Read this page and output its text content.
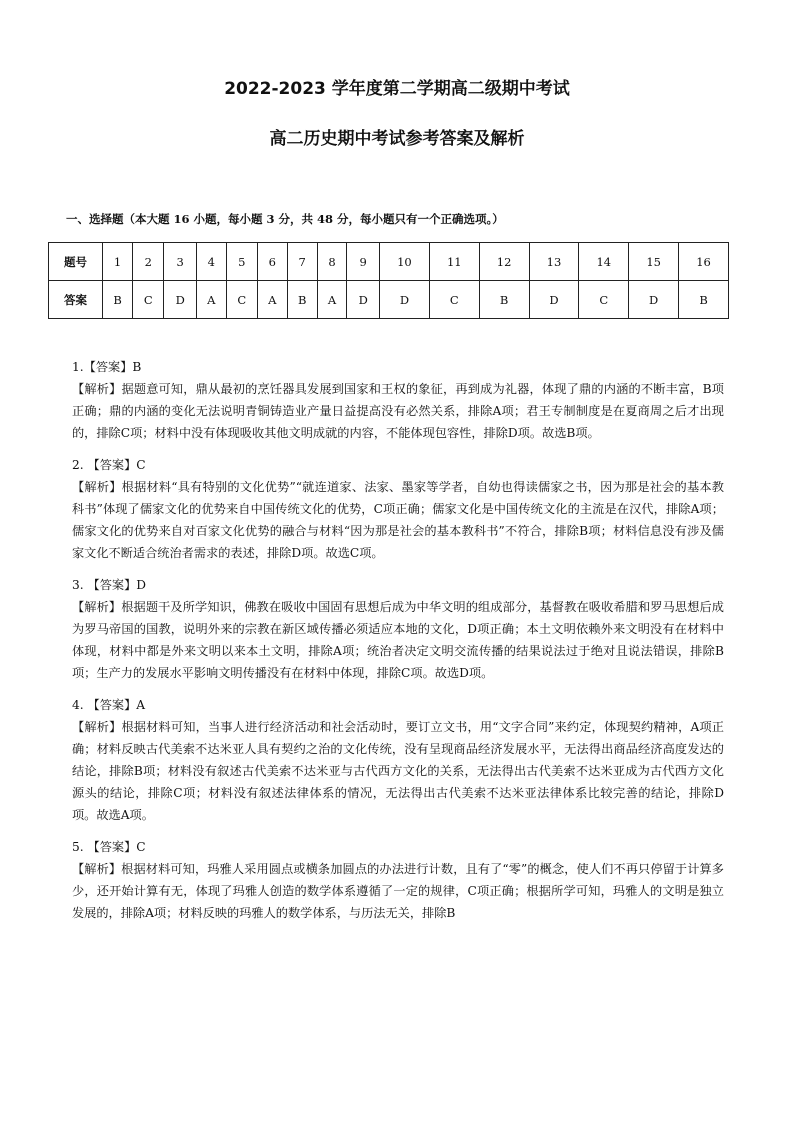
2022-2023 学年度第二学期高二级期中考试
高二历史期中考试参考答案及解析
一、选择题（本大题 16 小题，每小题 3 分，共 48 分，每小题只有一个正确选项。）
题号	1	2	3	4	5	6	7	8	9	10	11	12	13	14	15	16
答案	B	C	D	A	C	A	B	A	D	D	C	B	D	C	D	B
1.【答案】B
【解析】据题意可知，鼎从最初的烹饪器具发展到国家和王权的象征，再到成为礼器，体现了鼎的内涵的不断丰富，B项正确；鼎的内涵的变化无法说明青铜铸造业产量日益提高没有必然关系，排除A项；君王专制制度是在夏商周之后才出现的，排除C项；材料中没有体现吸收其他文明成就的内容，不能体现包容性，排除D项。故选B项。
2. 【答案】C
【解析】根据材料“具有特别的文化优势”“就连道家、法家、墨家等学者，自幼也得读儒家之书，因为那是社会的基本教科书”体现了儒家文化的优势来自中国传统文化的优势，C项正确；儒家文化是中国传统文化的主流是在汉代，排除A项；儒家文化的优势来自对百家文化优势的融合与材料“因为那是社会的基本教科书”不符合，排除B项；材料信息没有涉及儒家文化不断适合统治者需求的表述，排除D项。故选C项。
3. 【答案】D
【解析】根据题干及所学知识，佛教在吸收中国固有思想后成为中华文明的组成部分，基督教在吸收希腊和罗马思想后成为罗马帝国的国教，说明外来的宗教在新区域传播必须适应本地的文化，D项正确；本土文明依赖外来文明没有在材料中体现，材料中都是外来文明以来本土文明，排除A项；统治者决定文明交流传播的结果说法过于绝对且说法错误，排除B项；生产力的发展水平影响文明传播没有在材料中体现，排除C项。故选D项。
4. 【答案】A
【解析】根据材料可知，当事人进行经济活动和社会活动时，要订立文书，用“文字合同”来约定，体现契约精神，A项正确；材料反映古代美索不达米亚人具有契约之治的文化传统，没有呈现商品经济发展水平，无法得出商品经济高度发达的结论，排除B项；材料没有叙述古代美索不达米亚与古代西方文化的关系，无法得出古代美索不达米亚成为古代西方文化源头的结论，排除C项；材料没有叙述法律体系的情况，无法得出古代美索不达米亚法律体系比较完善的结论，排除D项。故选A项。
5. 【答案】C
【解析】根据材料可知，玛雅人采用圆点或横条加圆点的办法进行计数，且有了“零”的概念，使人们不再只停留于计算多少，还开始计算有无，体现了玛雅人创造的数学体系遵循了一定的规律，C项正确；根据所学可知，玛雅人的文明是独立发展的，排除A项；材料反映的玛雅人的数学体系，与历法无关，排除B
